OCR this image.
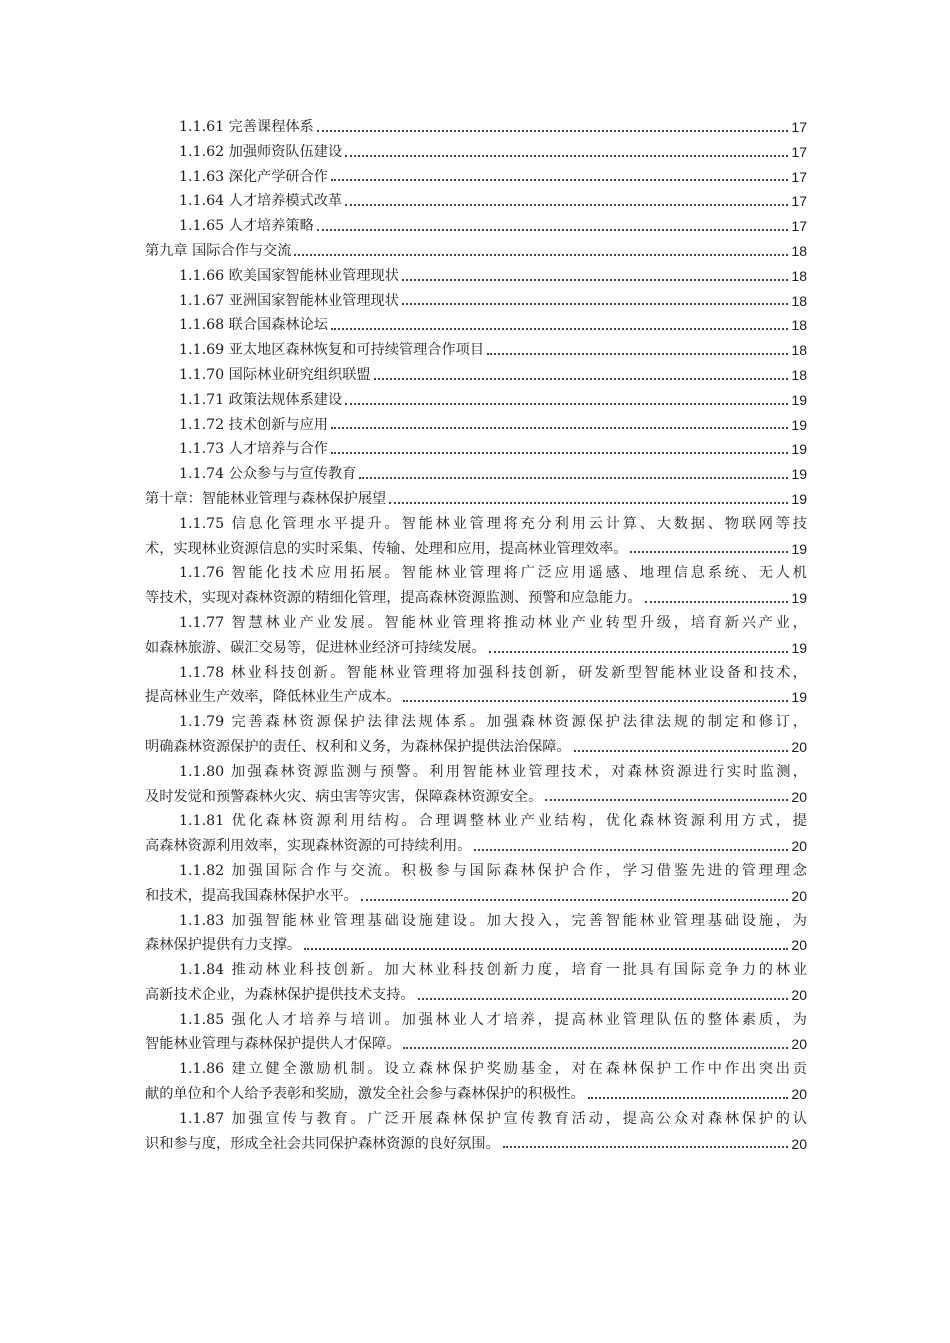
1.1.61 完善课程体系	17
1.1.62 加强师资队伍建设	17
1.1.63 深化产学研合作	17
1.1.64 人才培养模式改革	17
1.1.65 人才培养策略	17
第九章 国际合作与交流	18
1.1.66 欧美国家智能林业管理现状	18
1.1.67 亚洲国家智能林业管理现状	18
1.1.68 联合国森林论坛	18
1.1.69 亚太地区森林恢复和可持续管理合作项目	18
1.1.70 国际林业研究组织联盟	18
1.1.71 政策法规体系建设	19
1.1.72 技术创新与应用	19
1.1.73 人才培养与合作	19
1.1.74 公众参与与宣传教育	19
第十章：智能林业管理与森林保护展望	19
1.1.75 信息化管理水平提升。智能林业管理将充分利用云计算、大数据、物联网等技
术，实现林业资源信息的实时采集、传输、处理和应用，提高林业管理效率。	19
1.1.76 智能化技术应用拓展。智能林业管理将广泛应用遥感、地理信息系统、无人机
等技术，实现对森林资源的精细化管理，提高森林资源监测、预警和应急能力。	19
1.1.77 智慧林业产业发展。智能林业管理将推动林业产业转型升级，培育新兴产业，
如森林旅游、碳汇交易等，促进林业经济可持续发展。	19
1.1.78 林业科技创新。智能林业管理将加强科技创新，研发新型智能林业设备和技术，
提高林业生产效率，降低林业生产成本。	19
1.1.79 完善森林资源保护法律法规体系。加强森林资源保护法律法规的制定和修订，
明确森林资源保护的责任、权利和义务，为森林保护提供法治保障。	20
1.1.80 加强森林资源监测与预警。利用智能林业管理技术，对森林资源进行实时监测，
及时发觉和预警森林火灾、病虫害等灾害，保障森林资源安全。	20
1.1.81 优化森林资源利用结构。合理调整林业产业结构，优化森林资源利用方式，提
高森林资源利用效率，实现森林资源的可持续利用。	20
1.1.82 加强国际合作与交流。积极参与国际森林保护合作，学习借鉴先进的管理理念
和技术，提高我国森林保护水平。	20
1.1.83 加强智能林业管理基础设施建设。加大投入，完善智能林业管理基础设施，为
森林保护提供有力支撑。	20
1.1.84 推动林业科技创新。加大林业科技创新力度，培育一批具有国际竞争力的林业
高新技术企业，为森林保护提供技术支持。	20
1.1.85 强化人才培养与培训。加强林业人才培养，提高林业管理队伍的整体素质，为
智能林业管理与森林保护提供人才保障。	20
1.1.86 建立健全激励机制。设立森林保护奖励基金，对在森林保护工作中作出突出贡
献的单位和个人给予表彰和奖励，激发全社会参与森林保护的积极性。	20
1.1.87 加强宣传与教育。广泛开展森林保护宣传教育活动，提高公众对森林保护的认
识和参与度，形成全社会共同保护森林资源的良好氛围。	20
